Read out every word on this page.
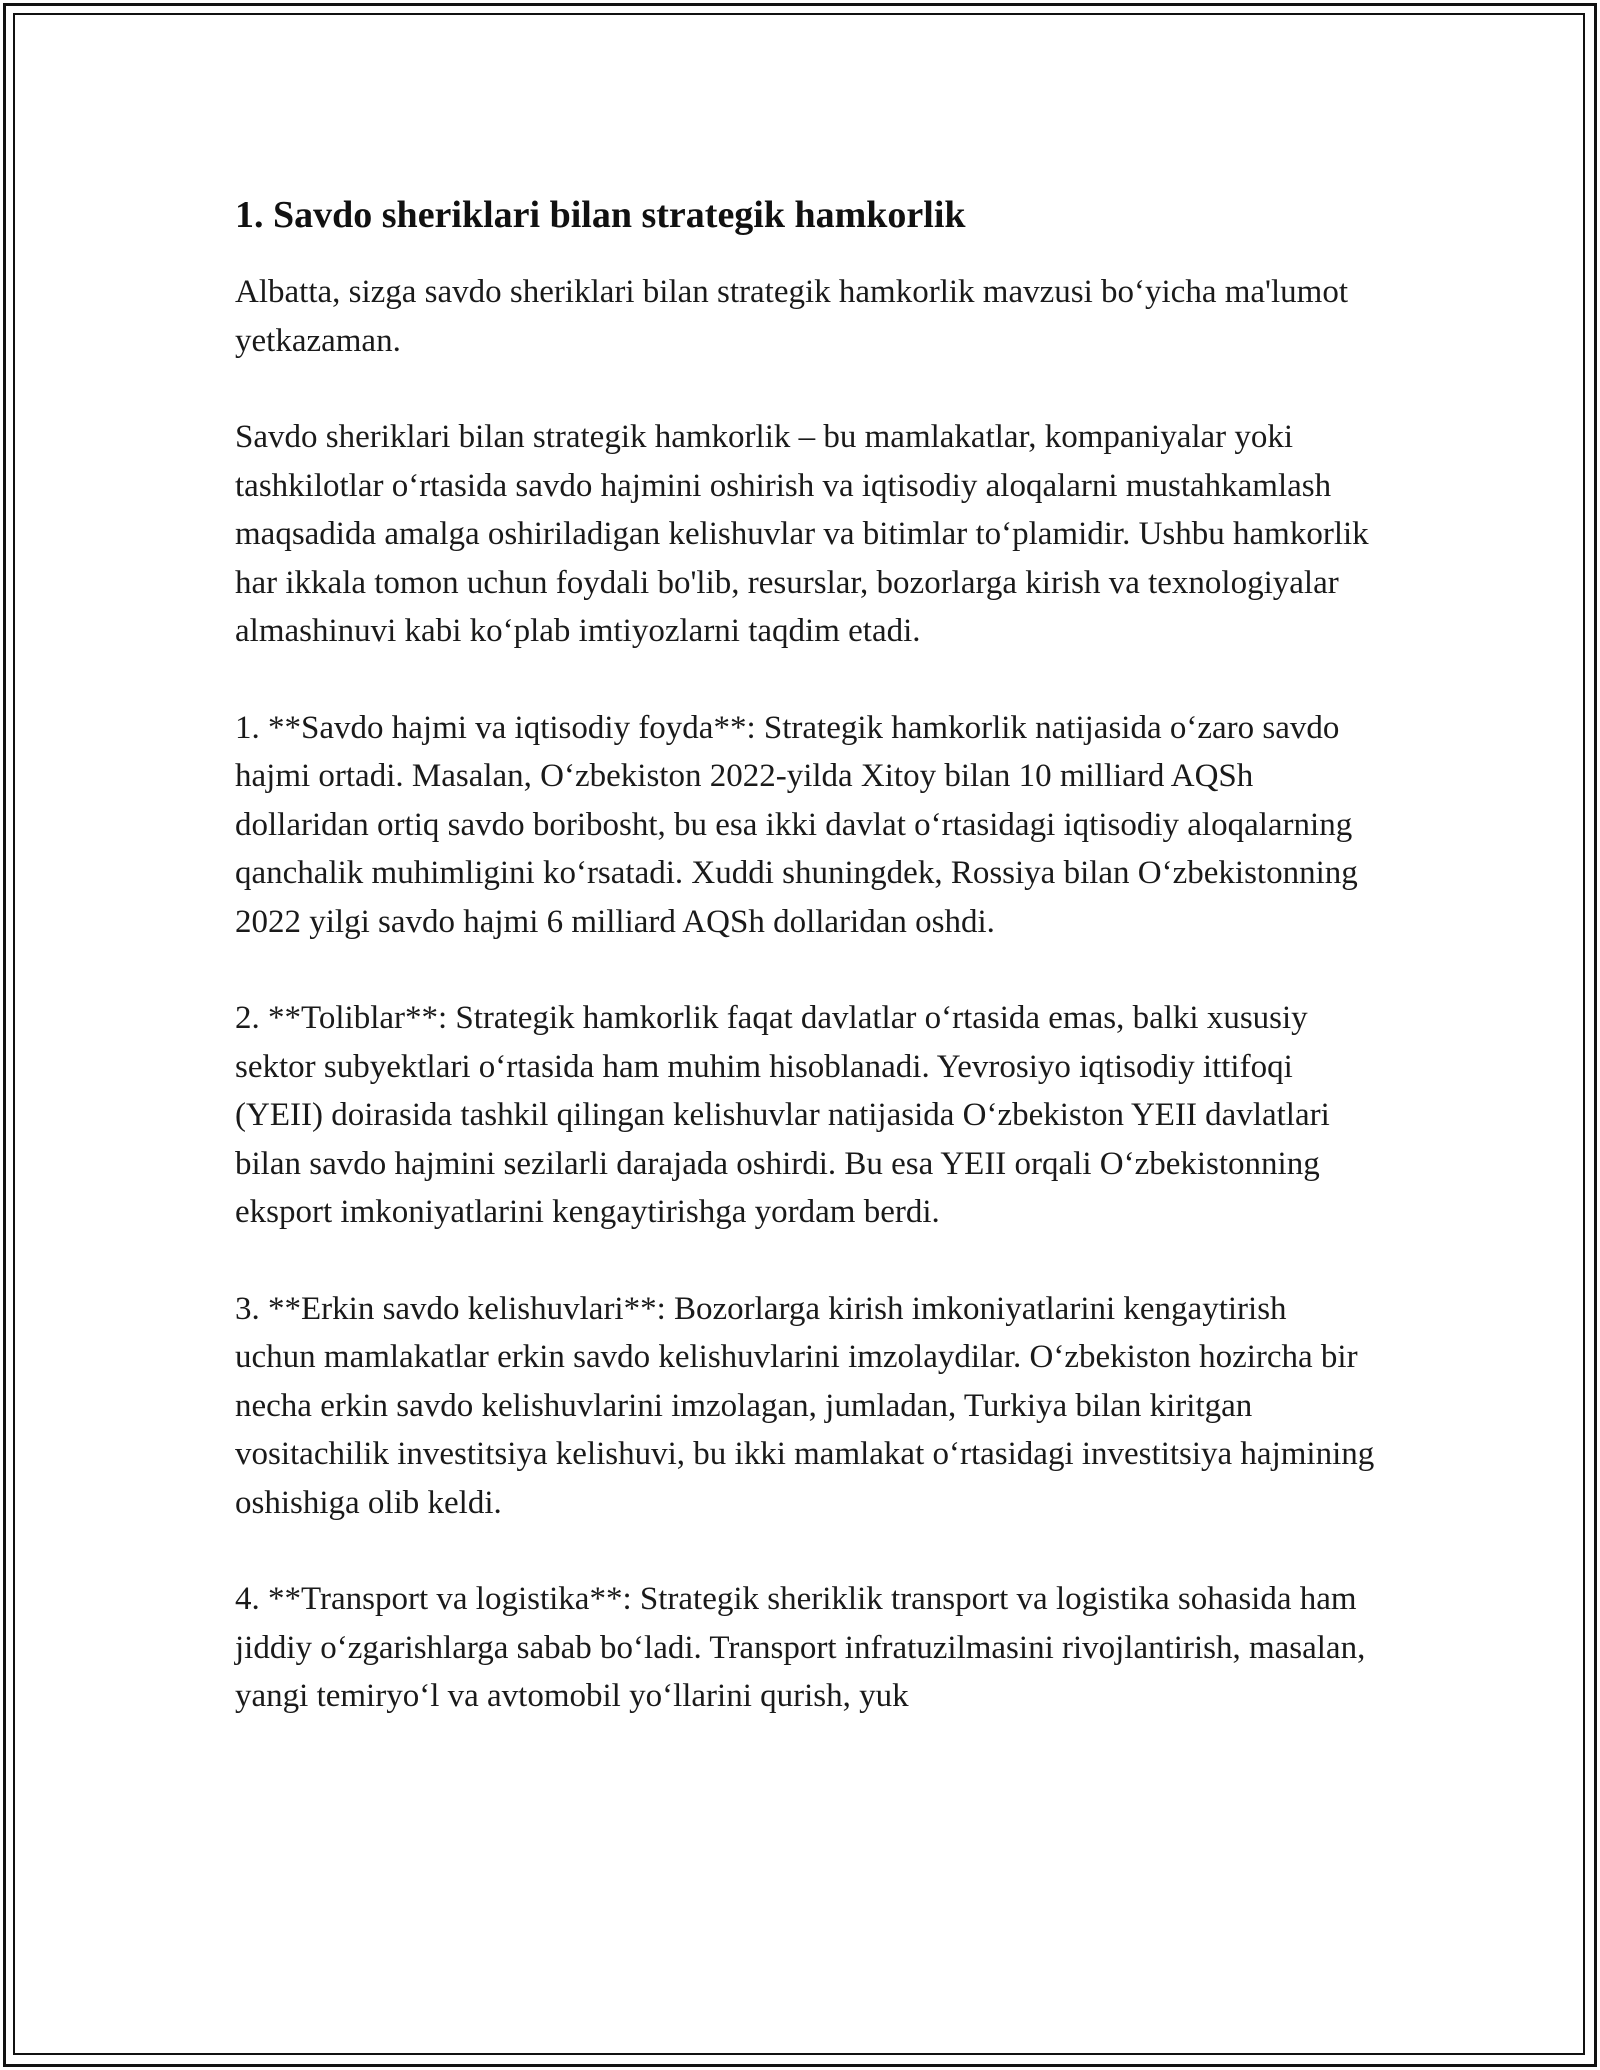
1. Savdo sheriklari bilan strategik hamkorlik

Albatta, sizga savdo sheriklari bilan strategik hamkorlik mavzusi bo‘yicha ma'lumot yetkazaman.

Savdo sheriklari bilan strategik hamkorlik – bu mamlakatlar, kompaniyalar yoki tashkilotlar o‘rtasida savdo hajmini oshirish va iqtisodiy aloqalarni mustahkamlash maqsadida amalga oshiriladigan kelishuvlar va bitimlar to‘plamidir. Ushbu hamkorlik har ikkala tomon uchun foydali bo'lib, resurslar, bozorlarga kirish va texnologiyalar almashinuvi kabi ko‘plab imtiyozlarni taqdim etadi.

1. **Savdo hajmi va iqtisodiy foyda**: Strategik hamkorlik natijasida o‘zaro savdo hajmi ortadi. Masalan, O‘zbekiston 2022-yilda Xitoy bilan 10 milliard AQSh dollaridan ortiq savdo boribosht, bu esa ikki davlat o‘rtasidagi iqtisodiy aloqalarning qanchalik muhimligini ko‘rsatadi. Xuddi shuningdek, Rossiya bilan O‘zbekistonning 2022 yilgi savdo hajmi 6 milliard AQSh dollaridan oshdi.

2. **Toliblar**: Strategik hamkorlik faqat davlatlar o‘rtasida emas, balki xususiy sektor subyektlari o‘rtasida ham muhim hisoblanadi. Yevrosiyo iqtisodiy ittifoqi (YEII) doirasida tashkil qilingan kelishuvlar natijasida O‘zbekiston YEII davlatlari bilan savdo hajmini sezilarli darajada oshirdi. Bu esa YEII orqali O‘zbekistonning eksport imkoniyatlarini kengaytirishga yordam berdi.

3. **Erkin savdo kelishuvlari**: Bozorlarga kirish imkoniyatlarini kengaytirish uchun mamlakatlar erkin savdo kelishuvlarini imzolaydilar. O‘zbekiston hozircha bir necha erkin savdo kelishuvlarini imzolagan, jumladan, Turkiya bilan kiritgan vositachilik investitsiya kelishuvi, bu ikki mamlakat o‘rtasidagi investitsiya hajmining oshishiga olib keldi.

4. **Transport va logistika**: Strategik sheriklik transport va logistika sohasida ham jiddiy o‘zgarishlarga sabab bo‘ladi. Transport infratuzilmasini rivojlantirish, masalan, yangi temiryo‘l va avtomobil yo‘llarini qurish, yuk
